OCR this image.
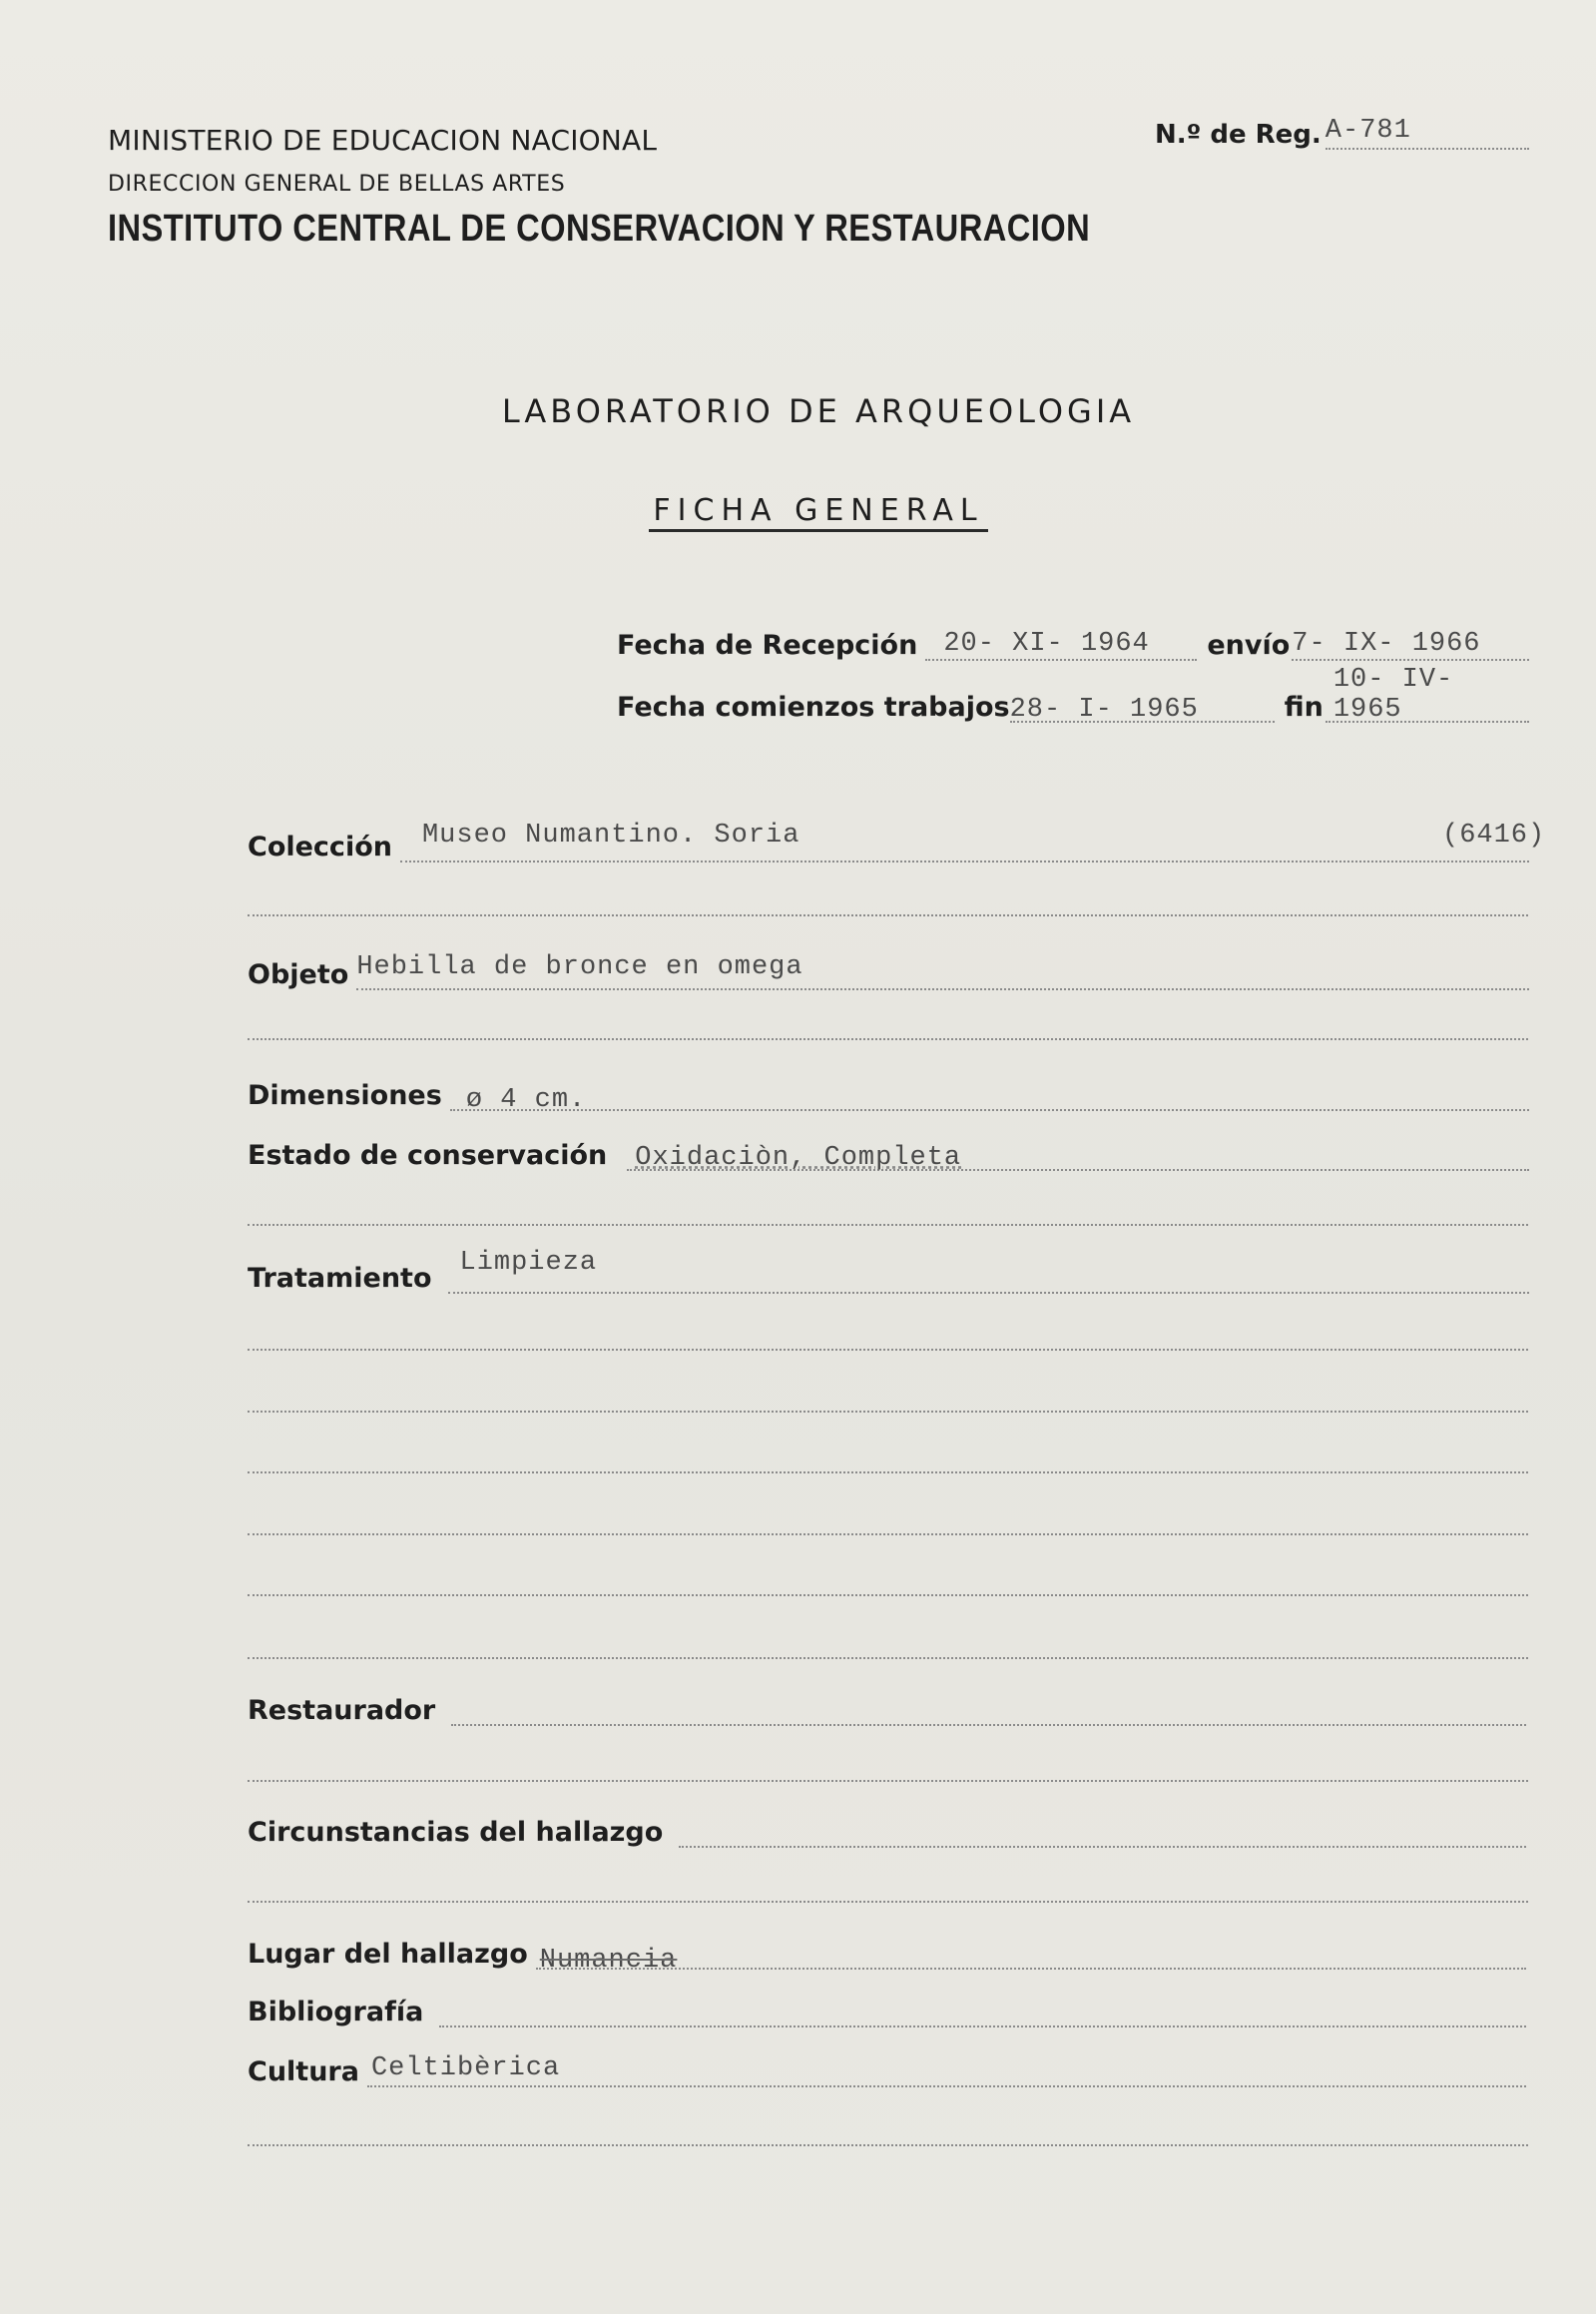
MINISTERIO DE EDUCACION NACIONAL
DIRECCION GENERAL DE BELLAS ARTES
INSTITUTO CENTRAL DE CONSERVACION Y RESTAURACION
N.º de Reg. A-781
LABORATORIO DE ARQUEOLOGIA
FICHA GENERAL
Fecha de Recepción 20- XI- 1964 envío 7- IX- 1966
Fecha comienzos trabajos 28- I- 1965	fin
10- IV- 1965
Colección Museo Numantino. Soria	(6416)
Objeto Hebilla de bronce en omega
Dimensiones ø 4 cm.
Estado de conservación Oxidaciòn, Completa
Tratamiento Limpieza
Restaurador
Circunstancias del hallazgo
Lugar del hallazgo Numancia
Bibliografía
Cultura Celtibèrica
